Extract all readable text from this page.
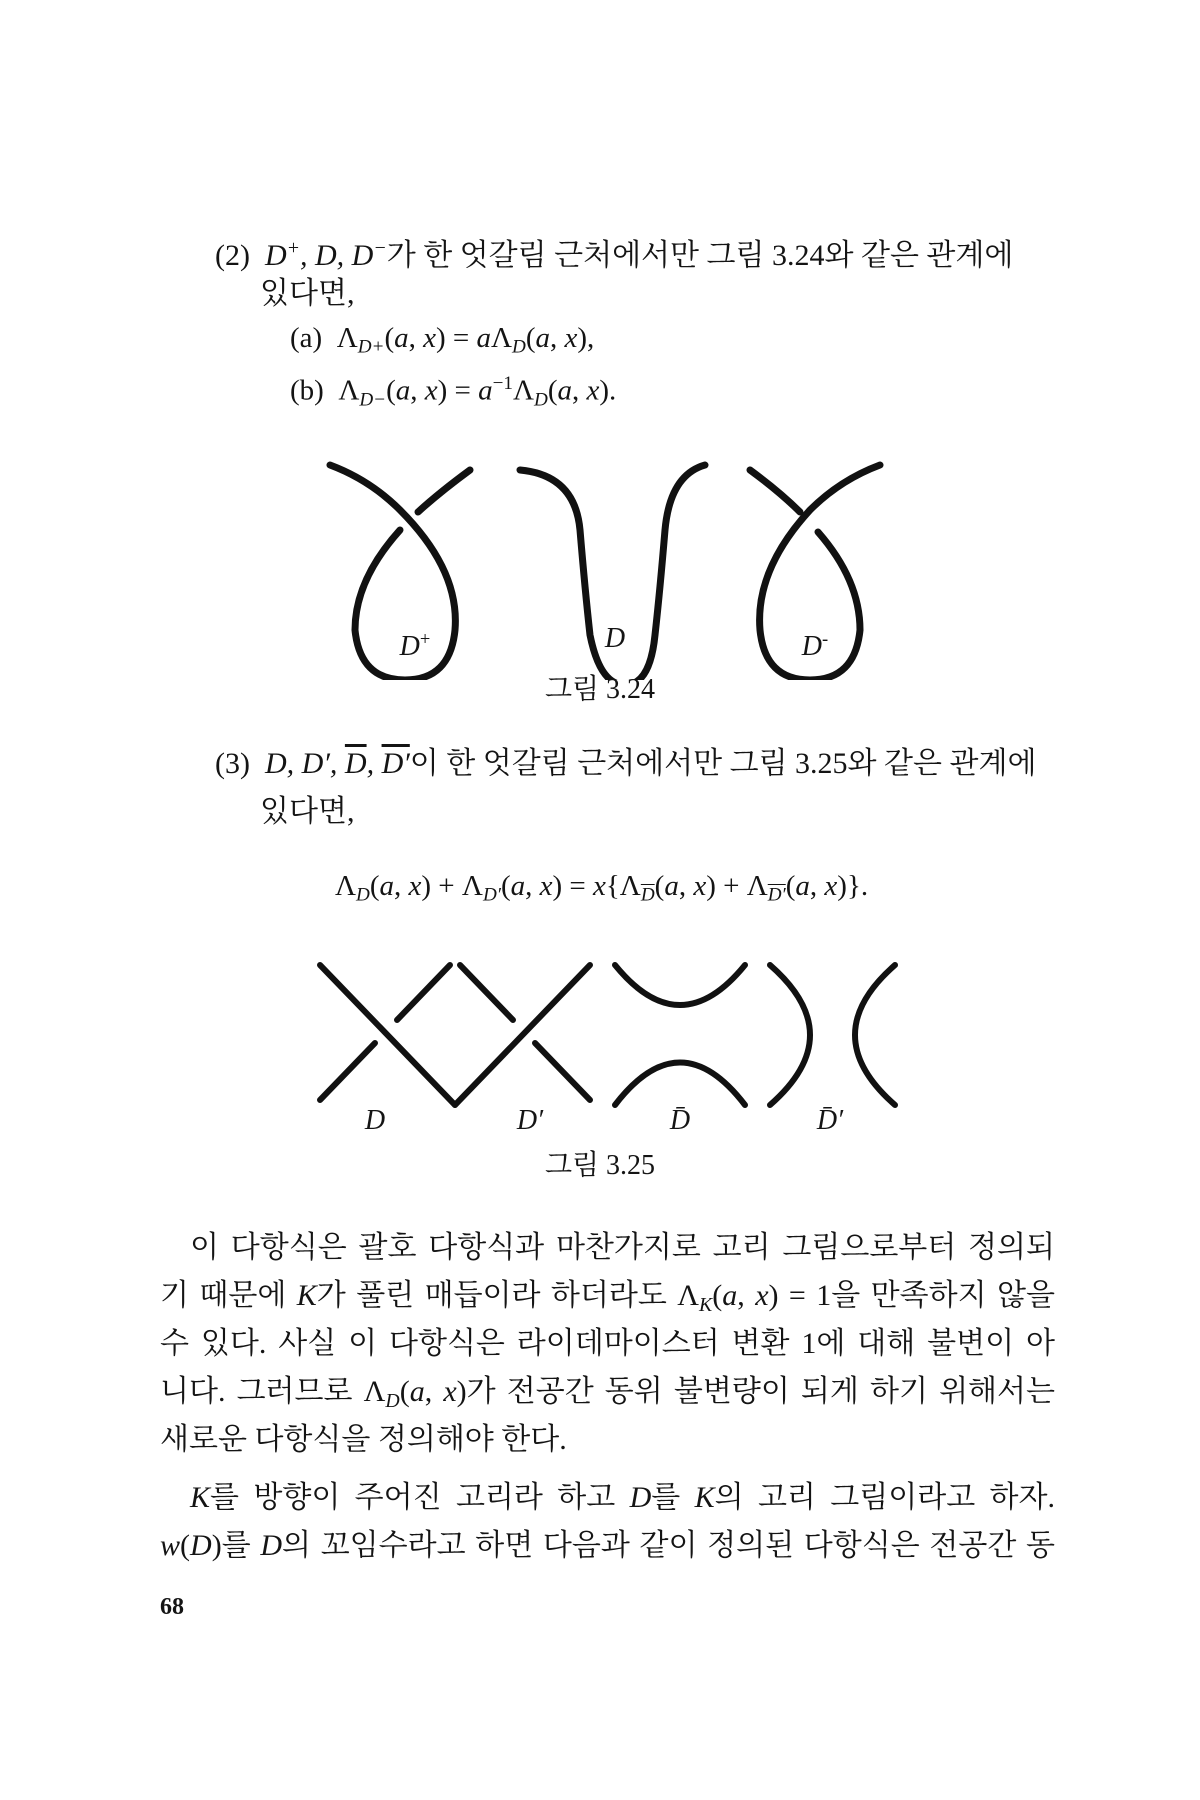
(2)  D+, D, D−가 한 엇갈림 근처에서만 그림 3.24와 같은 관계에
있다면,
(a)  $\Lambda_{D+}(a$, $x) = a\Lambda_D(a$, x),
(b)  $\Lambda_{D-}(a$, $x) = a^{-1}\Lambda_D(a$, x).
D+	D	D-
그림 3.24
(3)  D, D′, $\overline{D}$, D′이 한 엇갈림 근처에서만 그림 3.25와 같은 관계에
있다면,
$\Lambda_D(a$, $x) + \Lambda_{D'}(a$, $x) = x\{\Lambda_{\overline{D}}(a$, $x) + \Lambda_{D'}(a$, x)}.
D	D′	D̄	D̄′
그림 3.25
이 다항식은 괄호 다항식과 마찬가지로 고리 그림으로부터 정의되
기 때문에 K가 풀린 매듭이라 하더라도 $\Lambda_K(a$, x) = 1을 만족하지 않을
수 있다. 사실 이 다항식은 라이데마이스터 변환 1에 대해 불변이 아
니다. 그러므로 $\Lambda_D(a$, x)가 전공간 동위 불변량이 되게 하기 위해서는
새로운 다항식을 정의해야 한다.
K를 방향이 주어진 고리라 하고 D를 K의 고리 그림이라고 하자.
w(D)를 D의 꼬임수라고 하면 다음과 같이 정의된 다항식은 전공간 동
68
